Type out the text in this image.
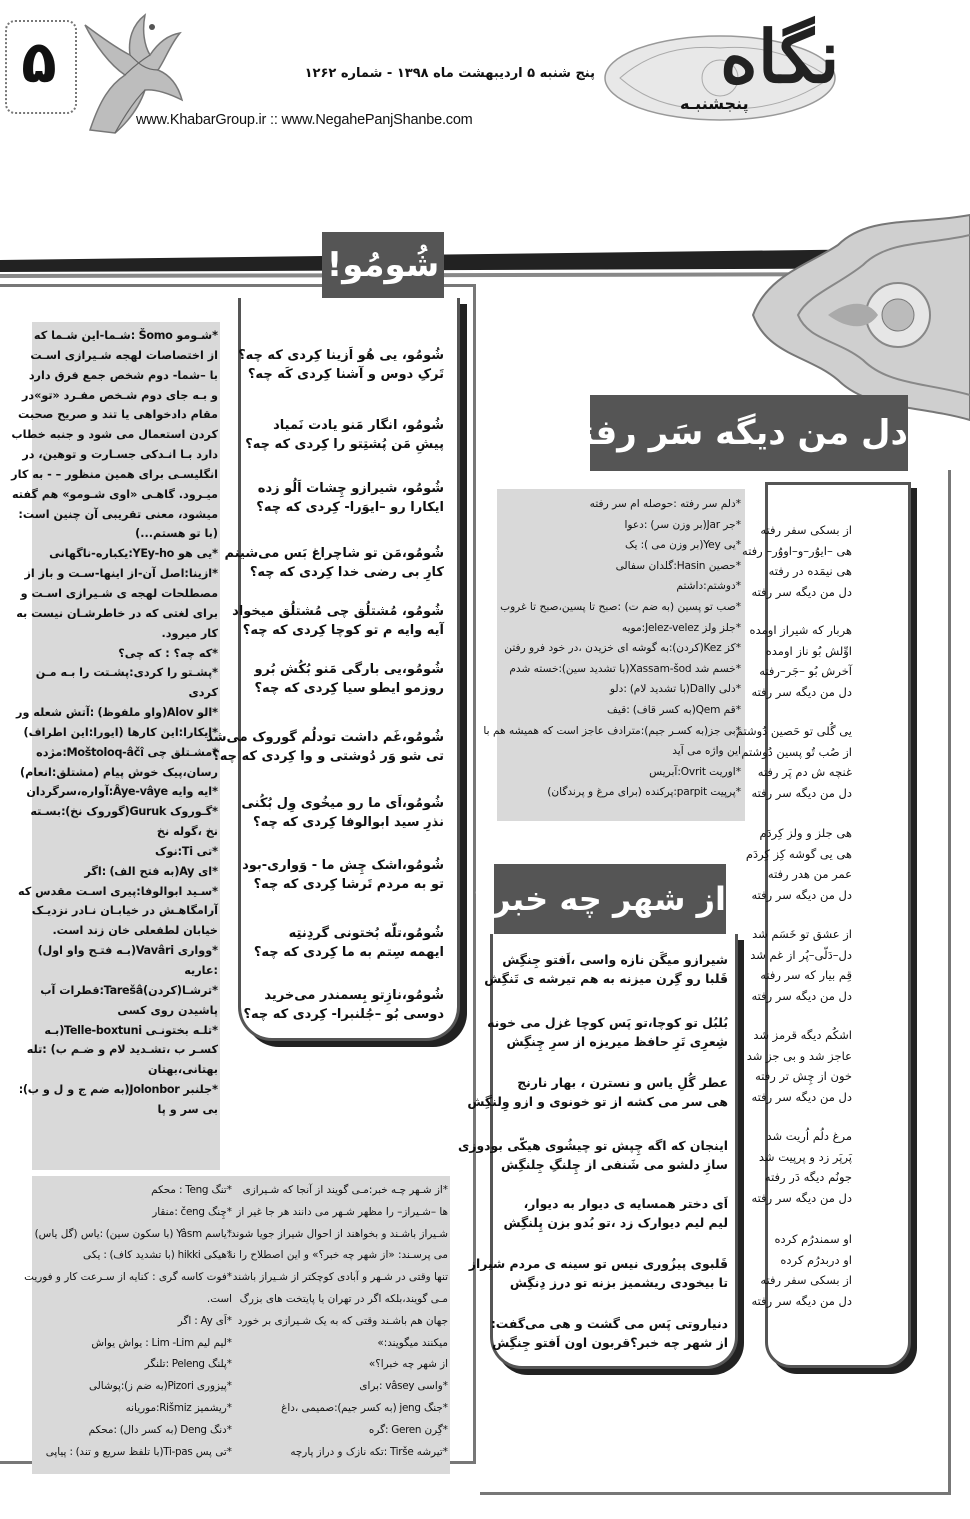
۵	پنج شنبه ۵ اردیبهشت ماه ۱۳۹۸ - شماره ۱۲۶۲ نگاه
پنجشنبـه
www.KhabarGroup.ir :: www.NegahePanjShanbe.com
شُومُو!
*شـومو Šomo :شـما-این شـما که
از اختصاصات لهجه شـیرازی اسـت
با –شما- دوم شخص جمع فرق دارد
و بـه جای دوم شـخص مفـرد «تو»در
مقام دادخواهی یا تند و صریح صحبت
کردن استعمال می شود و جنبه خطاب
دارد بـا انـدکی جسـارت و توهین، در
انگلیسـی برای همین منظور – - به کار
میـرود. گاهـی «اوی شـومو» هم گفته
میشود، معنی تقریبی آن چنین است:
(با تو هستم...)
*یی هو YEy-ho:یکباره-ناگهانی
*ازینا:اصل آن-از اینها-سـت و باز از
مصطلحات لهجه ی شـیرازی اسـت و
برای لغتی که در خاطرشـان نیست به
کار میرود.
*که چه؟ : که چی؟
*پشـتو را کردی:پشـتت را بـه مـن
کردی
*الو Alov(واو ملفوظ) :آتش شعله ور
*ایکارا:این کارها (ایورا:این اطراف)
*مشـتلق چی Moštoloq-âčî:مژده
رسان،پیک خوش پیام (مشتلق:انعام)
*ایه وایه Âye-vâye:آواره،سرگردان
*گـوروک Guruk(گوروک نخ):بسـته
نخ ،گوله نخ
*تی Ti:نوک
*ای Ay(به فتح الف) :اگر
*سـید ابوالوفا:پیری اسـت مقدس که
آرامگاهـش در خیابـان نـادر نزدیـک
خیابان لطفعلی خان زند است.
*وواری Vavâri(بـه فتـح واو اول)
:عاریه
*ترشـا(کردن)Tarešâ:قطرات آب
پاشیدن روی کسی
*تلـه بختونـی Telle-boxtuni(بـه
کسـر ب ،تشـدید لام و ضـم ب) :تله
بهتانی،بهتان
*جلنبر Jolonbor(به ضم ج و ل و ب):
بی سر و پا
شُومُو، یی هُو اَزینا کِردی که چه؟
تَرکِ دوس و آشنا کِردی کَه چه؟
شُومُو، انگار مَنو یادت نَمیاد
پیشِ مَن پُشتِتو را کِردی که چه؟
شُومُو، شیرازو چِشات اَلُو زده
ایکارا رو –ایوَرا- کِردی که چه؟
شُومُو،مَن تو شاچراغ بَس می‌شینم
کارِ بی رضی خدا کِردی که چه؟
شُومُو، مُشتلُق چی مُشتلُق میخواد
آیه وایه م تو کوچا کِردی که چه؟
شُومُو،یی بارگی مَنو بُکُش بُرو
روزمو ایطو سیا کِردی که چه؟
شُومُو،غَم داشت تودلُم گوروک می‌شد
تی شو وَر دُوشتی و وا کِردی که چه؟
شُومُو،اَی ما رو میخُوی وِل بُکُنی
نذرِ سید ابوالوفا کِردی که چه؟
شُومُو،اشک چِش ما - وَواری-بود
تو به مردم تَرشا کِردی که چه؟
شُومُو،تلّه بُختونی گردِنتِه
ایهمه سِتم به ما کِردی که چه؟
شُومُو،نازِتو بِسمندر می‌خرید
دوسی بُو –جُلنبرا- کِردی که چه؟
دل من دیگه سَر رفته!
*دلم سر رفته :حوصله ام سر رفته
*جر Jar(بر وزن سر) :دعوا
*یی Yey(بر وزن می ): یک
*حصین Hasin:گلدان سفالی
*دوشتم:داشتم
*صب تو پسین (به ضم ت) :صبح تا پسین،صبح تا غروب
*جلز ولز Jelez-velez:مویه
*کز Kez(کردن):به گوشه ای خزیدن ،در خود فرو رفتن
*خسم شد Xassam-šod(با تشدید سین):خسته شدم
*دلی Dally(با تشدید لام) :دلو
*قم Qem(به کسر قاف) :قیف
*بی جز(به کسـر جیم):مترادف عاجز است که همیشه هم با
این واژه می آید
*اوریت Ovrit:آبریس
*پرپیت parpit:پرکنده (برای مرغ و پرندگان)
از بسکی سفر رفته
هی –ایوُر–و–اووُر– رفته
هی نیمَده در رفته
دل من دیگه سر رفته
هربار که شیراز اومده
اوِّلش بُو ناز اومده
آخرش بُو –جَر–رفته
دل من دیگه سر رفته
یی گُلی تو حَصین دُوشتم
از صُب تُو پسین دُوشتم
غنچه ش دم پَر رفته
دل من دیگه سر رفته
هی جلز و ولز کِردَم
هی یی گوشه کِز کِردَم
عمر من هدر رفته
دل من دیگه سر رفته
از عشق تو خَسَم شد
دل–دَلّی–پُر از غم شد
قِم بیار که سر رفته
دل من دیگه سر رفته
اشکُم دیگه قرمز شد
عاجز شد و بی جز شد
خون از چِش تر رفته
دل من دیگه سر رفته
مرغ دلُم اُریت شد
پَرپَر زد و پرپیت شد
جونُم دیگه دَر رفته
دل من دیگه سر رفته
او سمندرُم کرده
او دربدرُم کرده
از بسکی سفر رفته
دل من دیگه سر رفته
از شهر چه خبر؟
شیرازو میگَن نازه واسی ،اَفتو جِنگِش
قَلبا رو گِرن میزنه به هم تیرشه ی تَنگِش
بُلبُل تو کوچا،تو پَس کوچا غزل می خونه
شِعرِی تَرِ حافظ میریزه از سرِ چِنگِش
عطر گُلِ یاس و نسترن ، بهار نارنج
هی سر می کشه از تو خونوی و ازو وِلنگِش
اینجان که اگه چِپش تو چیشُوی هیکّی بودوزی
سازِ دلشو می شَنفی از چِلنگِ جِلنگِش
اَی دختر همسایه ی دیوار به دیوار،
لیم لیم دیوارک زد ،تو بُدو بزن پِلنگِش
قَلبوی پیزُوری نیس تو سینه ی مردم شیراز
تا بیخودی ریشمیز بزنه تو درز دِنگِش
دنیاروتی پَس می گشت و هی می‌گفت:
از شهر چه خبر؟قربون اون اَفتو جِنگِش
*از شـهر چـه خبر:مـی گویند از آنجا که شـیرازی
ها –شـیراز– را مظهر شـهر می دانند هر جا غیر از
شـیراز باشـند و بخواهند از احوال شیراز جویا شوند،
می پرسـند: «از شهر چه خبر؟» و این اصطلاح را نه
تنها وقتی در شـهر و آبادی کوچکتر از شـیراز باشند
مـی گویند،بلکه اگر در تهران یا پایتخت های بزرگ
جهان هم باشـند وقتی که به یک شـیرازی بر خورد
میکنند میگویند:»
از شهر چه خبرا؟»
*واسی vâsey :برای
*جنگ jeng (به کسر جیم):صمیمی ،داغ
*گِرن Geren :گره
*تیرشه Tirše :تکه نازک و دراز پارچه
*تنگ Teng : محکم
*چِنگ čeng :منقار
*یاسم Yâsm (با سکون سین) :یاس (گل یاس)
*هیکی hikki (با تشدید کاف) : یکی
*فوت کاسه گری : کنایه از سـرعت کار و فوریت
است.
*اَی Ay : اگر
*لیم لیم Lim -Lim : یواش یواش
*پلنگ Peleng :تلنگر
*پیزوری Pizori(به ضم ز):پوشالی
*ریشمیز Rišmiz:موریانه
*دنگ Deng (به کسر دال) :محکم
*تی پس Ti-pas(با تلفظ سریع و تند) : پیاپی
